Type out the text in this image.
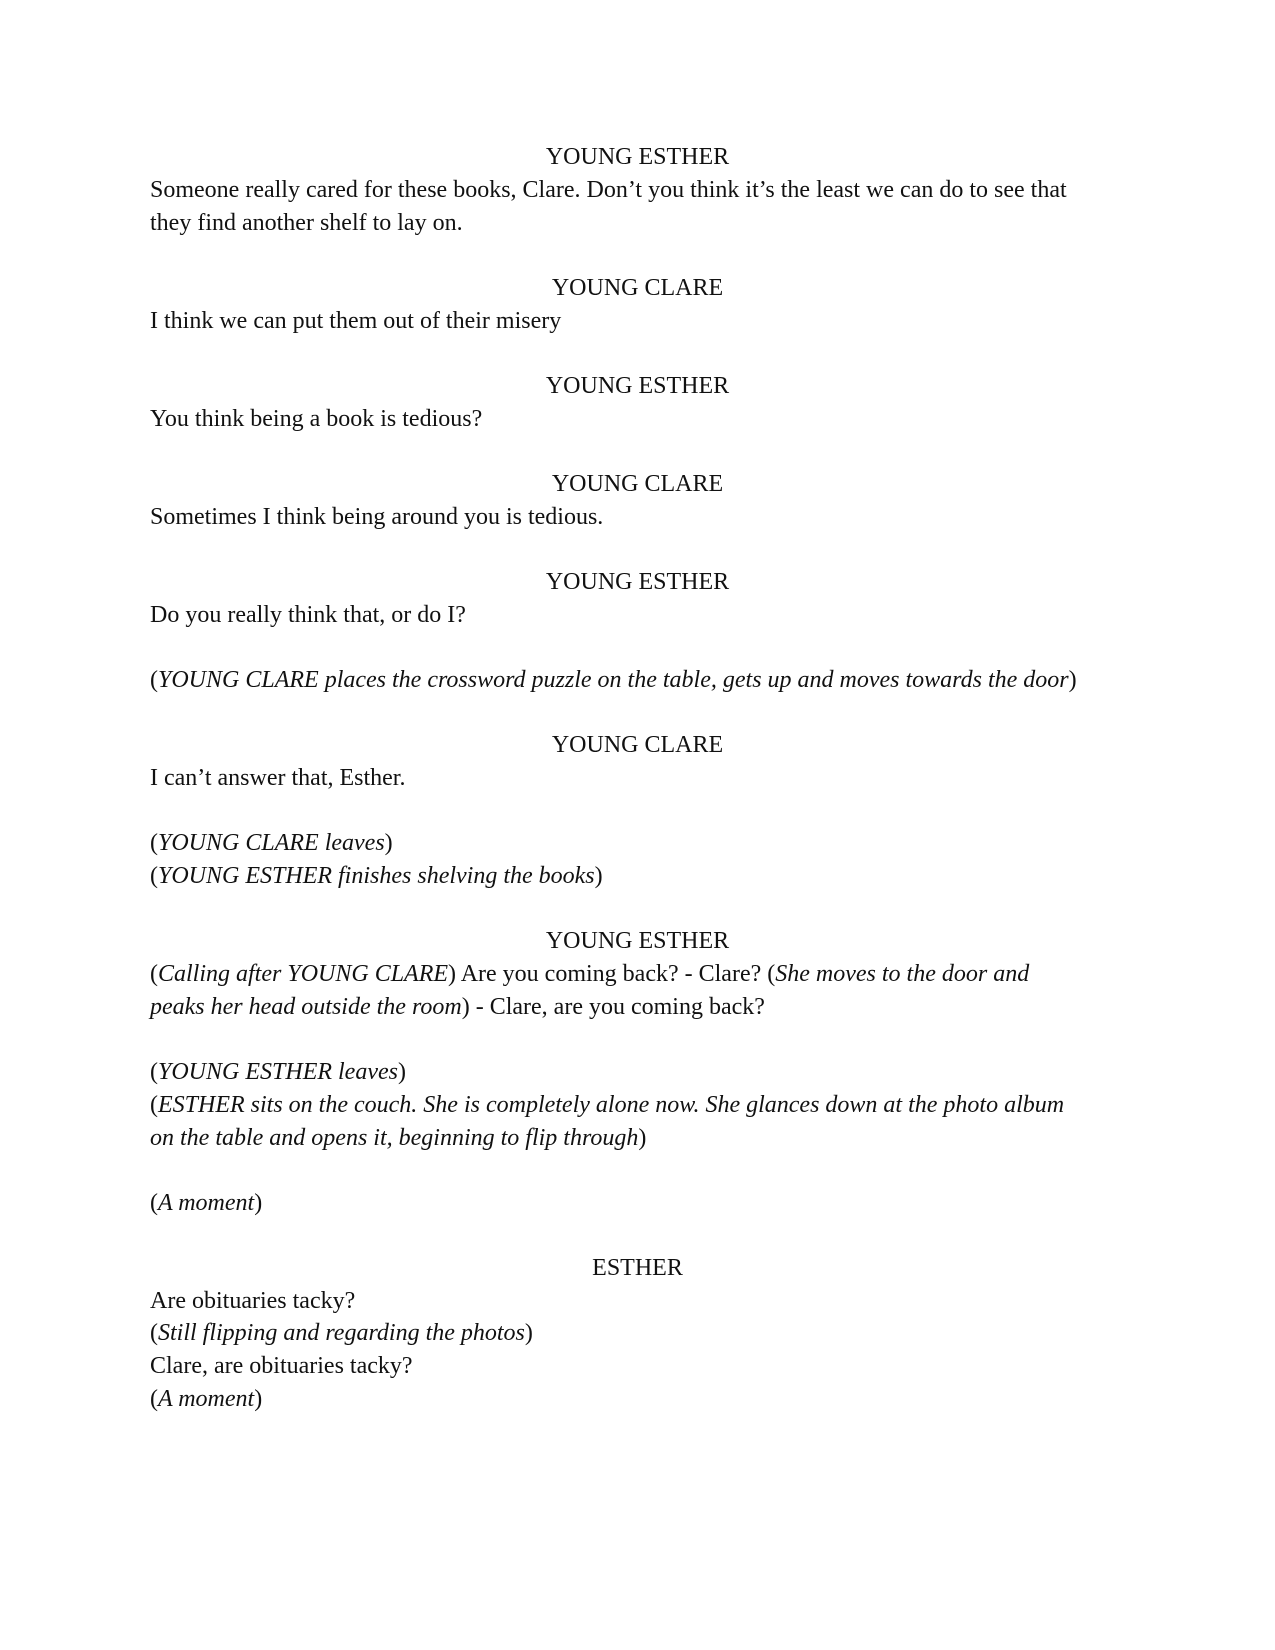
YOUNG ESTHER
Someone really cared for these books, Clare. Don’t you think it’s the least we can do to see that
they find another shelf to lay on.
YOUNG CLARE
I think we can put them out of their misery
YOUNG ESTHER
You think being a book is tedious?
YOUNG CLARE
Sometimes I think being around you is tedious.
YOUNG ESTHER
Do you really think that, or do I?
(YOUNG CLARE places the crossword puzzle on the table, gets up and moves towards the door)
YOUNG CLARE
I can’t answer that, Esther.
(YOUNG CLARE leaves)
(YOUNG ESTHER finishes shelving the books)
YOUNG ESTHER
(Calling after YOUNG CLARE) Are you coming back? - Clare? (She moves to the door and
peaks her head outside the room) - Clare, are you coming back?
(YOUNG ESTHER leaves)
(ESTHER sits on the couch. She is completely alone now. She glances down at the photo album
on the table and opens it, beginning to flip through)
(A moment)
ESTHER
Are obituaries tacky?
(Still flipping and regarding the photos)
Clare, are obituaries tacky?
(A moment)
